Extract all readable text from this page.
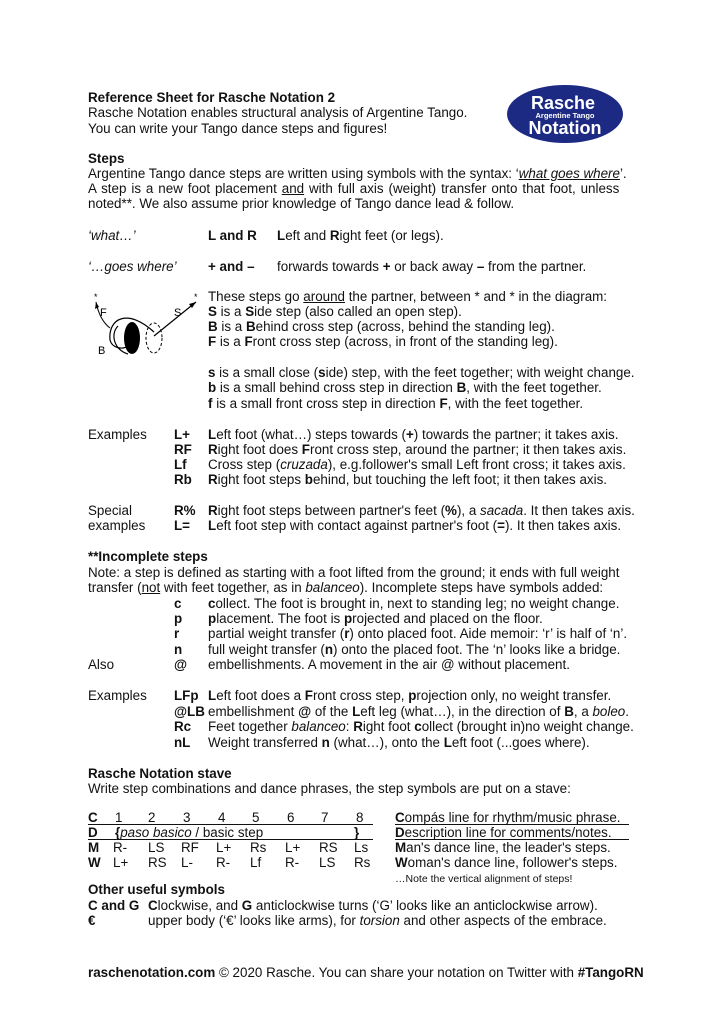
Reference Sheet for Rasche Notation 2
Rasche Notation enables structural analysis of Argentine Tango.
You can write your Tango dance steps and figures!
Rasche
Argentine Tango
Notation
Steps
Argentine Tango dance steps are written using symbols with the syntax: ‘what goes where’.
A step is a new foot placement and with full axis (weight) transfer onto that foot, unless
noted**. We also assume prior knowledge of Tango dance lead & follow.
‘what…’	L and R Left and Right feet (or legs).
‘…goes where’ + and – forwards towards + or back away – from the partner.
*	*
F	S
B
These steps go around the partner, between * and * in the diagram:
S is a Side step (also called an open step).
B is a Behind cross step (across, behind the standing leg).
F is a Front cross step (across, in front of the standing leg).
s is a small close (side) step, with the feet together; with weight change.
b is a small behind cross step in direction B, with the feet together.
f is a small front cross step in direction F, with the feet together.
Examples L+ Left foot (what…) steps towards (+) towards the partner; it takes axis.
RF Right foot does Front cross step, around the partner; it then takes axis.
Lf Cross step (cruzada), e.g.follower's small Left front cross; it takes axis.
Rb Right foot steps behind, but touching the left foot; it then takes axis.
Special
examples
R% Right foot steps between partner's feet (%), a sacada. It then takes axis.
L= Left foot step with contact against partner's foot (=). It then takes axis.
**Incomplete steps
Note: a step is defined as starting with a foot lifted from the ground; it ends with full weight
transfer (not with feet together, as in balanceo). Incomplete steps have symbols added:
c collect. The foot is brought in, next to standing leg; no weight change.
p placement. The foot is projected and placed on the floor.
r partial weight transfer (r) onto placed foot. Aide memoir: ‘r’ is half of ‘n’.
n full weight transfer (n) onto the placed foot. The ‘n’ looks like a bridge.
Also	@ embellishments. A movement in the air @ without placement.
Examples LFp Left foot does a Front cross step, projection only, no weight transfer.
@LB embellishment @ of the Left leg (what…), in the direction of B, a boleo.
Rc Feet together balanceo: Right foot collect (brought in)no weight change.
nL Weight transferred n (what…), onto the Left foot (...goes where).
Rasche Notation stave
Write step combinations and dance phrases, the step symbols are put on a stave:
C 1 2 3 4 5 6 7 8
D {paso basico / basic step	}
M R- LS RF L+ Rs L+ RS Ls
W L+ RS L- R- Lf R- LS Rs
Compás line for rhythm/music phrase.
Description line for comments/notes.
Man's dance line, the leader's steps.
Woman's dance line, follower's steps.
…Note the vertical alignment of steps!
Other useful symbols
C and G Clockwise, and G anticlockwise turns (‘G’ looks like an anticlockwise arrow).
€	upper body (‘€’ looks like arms), for torsion and other aspects of the embrace.
raschenotation.com © 2020 Rasche. You can share your notation on Twitter with #TangoRN
